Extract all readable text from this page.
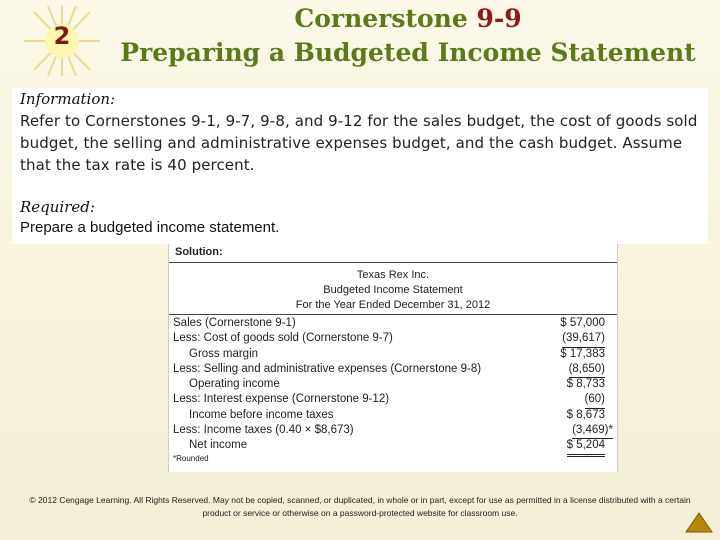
2
Cornerstone 9-9
Preparing a Budgeted Income Statement
Information:
Refer to Cornerstones 9-1, 9-7, 9-8, and 9-12 for the sales budget, the cost of goods sold budget, the selling and administrative expenses budget, and the cash budget. Assume that the tax rate is 40 percent.
Required:
Prepare a budgeted income statement.
Solution:
Texas Rex Inc.
Budgeted Income Statement
For the Year Ended December 31, 2012
Sales (Cornerstone 9-1)	$ 57,000
Less: Cost of goods sold (Cornerstone 9-7)	(39,617)
Gross margin	$ 17,383
Less: Selling and administrative expenses (Cornerstone 9-8)	(8,650)
Operating income	$ 8,733
Less: Interest expense (Cornerstone 9-12)	(60)
Income before income taxes	$ 8,673
Less: Income taxes (0.40 × $8,673)	(3,469)*
Net income	$ 5,204
*Rounded
© 2012 Cengage Learning. All Rights Reserved. May not be copied, scanned, or duplicated, in whole or in part, except for use as permitted in a license distributed with a certain product or service or otherwise on a password-protected website for classroom use.
